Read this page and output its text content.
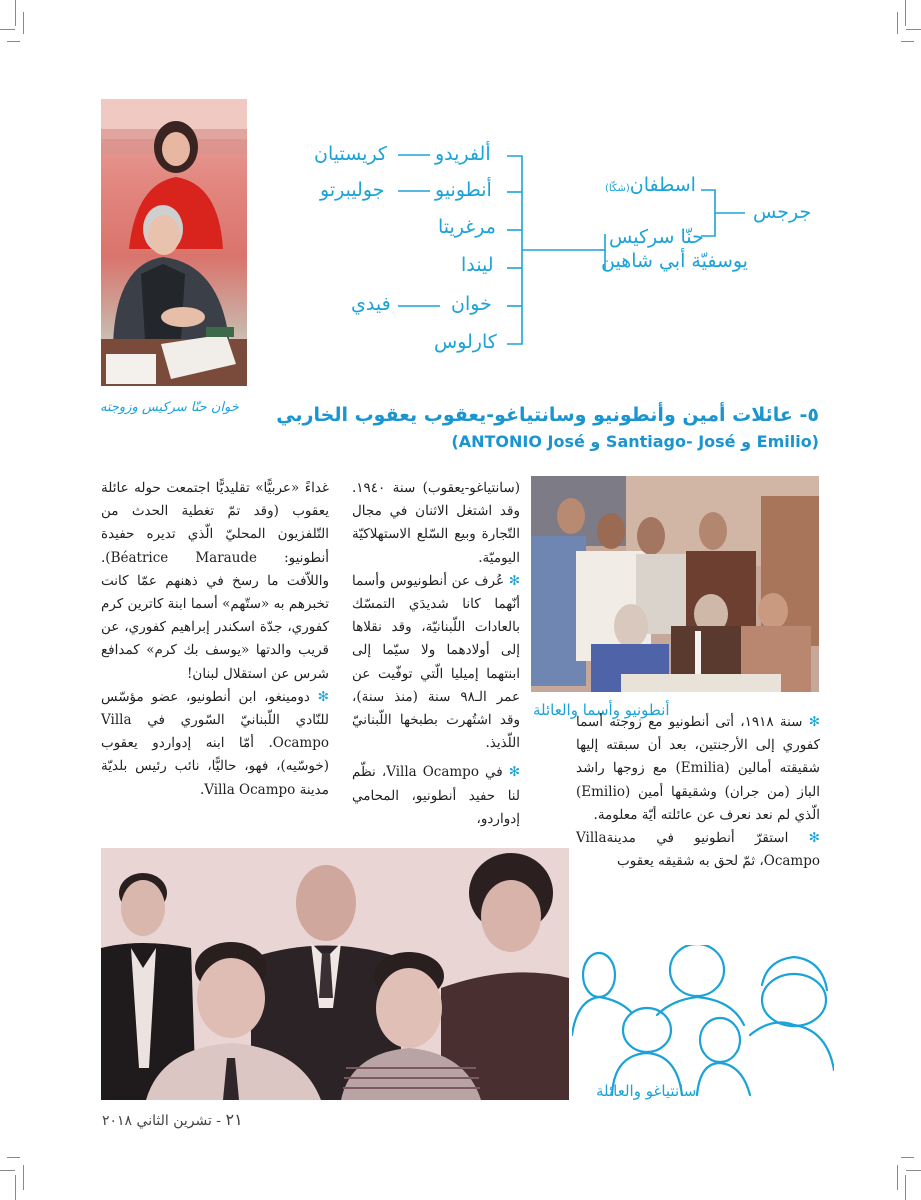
خوان حنّا سركيس وزوجته
جرجس
اسطفان(شكّا)
حنّا سركيس
يوسفيّة أبي شاهين
ألفريدو
كريستيان
أنطونيو
جوليبرتو
مرغريتا
ليندا
خوان
فيدي
كارلوس
٥- عائلات أمين وأنطونيو وسانتياغو-يعقوب يعقوب الخاربي
(ANTONIO José و Santiago- José و Emilio)
أنطونيو وأسما والعائلة

✻ سنة ١٩١٨، أتى أنطونيو مع زوجته أسما كفوري إلى الأرجنتين، بعد أن سبقته إليها شقيقته أمالين (Emilia) مع زوجها راشد الباز (من جران) وشقيقها أمين (Emilio) الّذي لم نعد نعرف عن عائلته أيّة معلومة.

✻ استقرّ أنطونيو في مدينةVilla Ocampo، ثمّ لحق به شقيقه يعقوب

(سانتياغو-يعقوب) سنة ١٩٤٠. وقد اشتغل الاثنان في مجال التّجارة وبيع السّلع الاستهلاكيّة اليوميّة.

✻ عُرف عن أنطونيوس وأسما أنّهما كانا شديدَي التمسّك بالعادات اللّبنانيّة، وقد نقلاها إلى أولادهما ولا سيّما إلى ابنتهما إميليا الّتي توفّيت عن عمر الـ٩٨ سنة (منذ سنة)، وقد اشتُهرت بطبخها اللّبنانيّ اللّذيذ.

✻ في Villa Ocampo، نظّم لنا حفيد أنطونيو، المحامي إدواردو،

غداءً «عربيًّا» تقليديًّا اجتمعت حوله عائلة يعقوب (وقد تمّ تغطية الحدث من التّلفزيون المحليّ الّذي تديره حفيدة أنطونيو: Béatrice Maraude). واللاّفت ما رسخ في ذهنهم عمّا كانت تخبرهم به «ستّهم» أسما ابنة كاترين كرم كفوري، جدّة اسكندر إبراهيم كفوري، عن قريب والدتها «يوسف بك كرم» كمدافع شرس عن استقلال لبنان!

✻ دومينغو، ابن أنطونيو، عضو مؤسّس للنّادي اللّبنانيّ السّوري في Villa Ocampo. أمّا ابنه إدواردو يعقوب (خوسّيه)، فهو، حاليًّا، نائب رئيس بلديّة مدينة Villa Ocampo.

سانتياغو والعائلة
٢١ - تشرين الثاني ٢٠١٨
